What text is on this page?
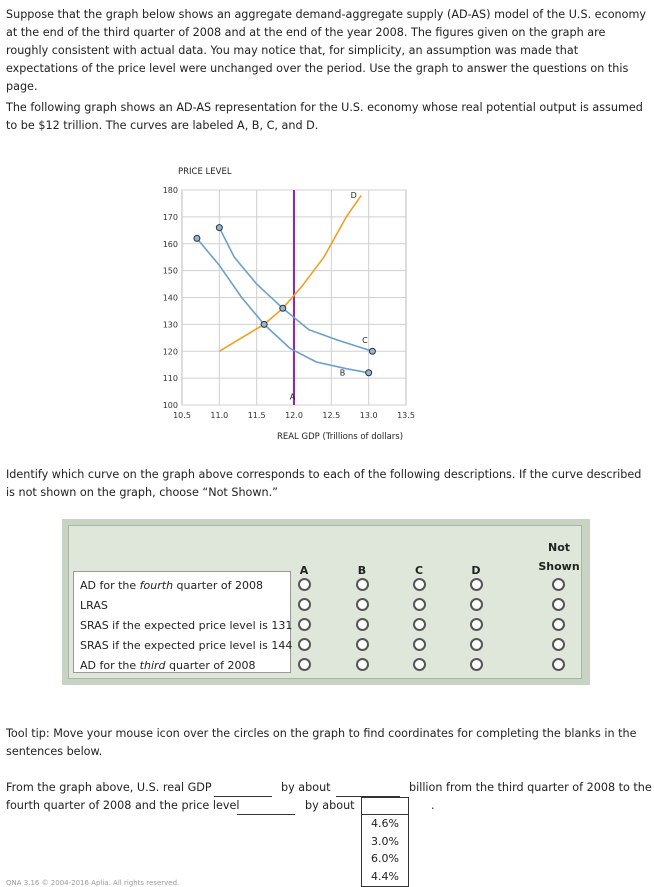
Suppose that the graph below shows an aggregate demand-aggregate supply (AD-AS) model of the U.S. economy at the end of the third quarter of 2008 and at the end of the year 2008. The figures given on the graph are roughly consistent with actual data. You may notice that, for simplicity, an assumption was made that expectations of the price level were unchanged over the period. Use the graph to answer the questions on this page.

The following graph shows an AD-AS representation for the U.S. economy whose real potential output is assumed to be $12 trillion. The curves are labeled A, B, C, and D.

PRICE LEVEL
REAL GDP (Trillions of dollars)
100
110
120
130
140
150
160
170
180
10.5 11.0 11.5 12.0 12.5 13.0 13.5
A
B
C
D

Identify which curve on the graph above corresponds to each of the following descriptions. If the curve described is not shown on the graph, choose “Not Shown.”

AD for the fourth quarter of 2008
LRAS
SRAS if the expected price level is 131
SRAS if the expected price level is 144
AD for the third quarter of 2008
A	B	C	D
Not
Shown

Tool tip: Move your mouse icon over the circles on the graph to find coordinates for completing the blanks in the sentences below.

From the graph above, U.S. real GDP	by about	billion from the third quarter of 2008 to the
fourth quarter of 2008 and the price level	by about	.
4.6%
3.0%
6.0%
4.4%
QNA 3.16 © 2004-2016 Aplia. All rights reserved.
